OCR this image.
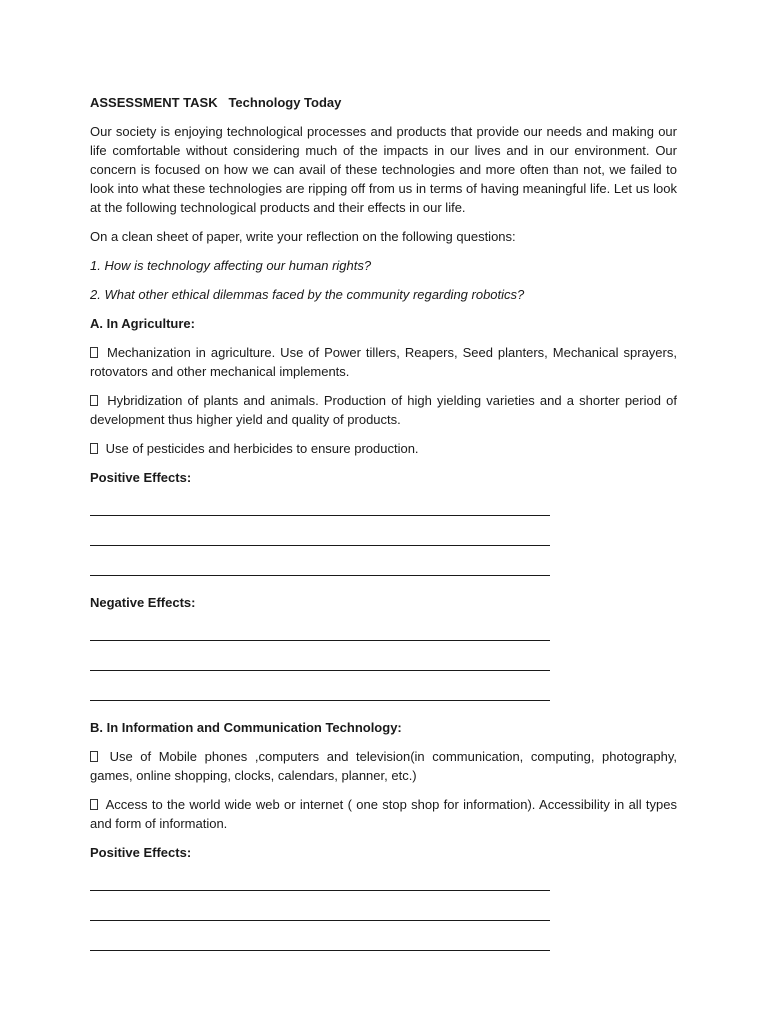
ASSESSMENT TASK Technology Today

Our society is enjoying technological processes and products that provide our needs and making our life comfortable without considering much of the impacts in our lives and in our environment. Our concern is focused on how we can avail of these technologies and more often than not, we failed to look into what these technologies are ripping off from us in terms of having meaningful life. Let us look at the following technological products and their effects in our life.

On a clean sheet of paper, write your reflection on the following questions:

1. How is technology affecting our human rights?

2. What other ethical dilemmas faced by the community regarding robotics?

A. In Agriculture:

Mechanization in agriculture. Use of Power tillers, Reapers, Seed planters, Mechanical sprayers, rotovators and other mechanical implements.

Hybridization of plants and animals. Production of high yielding varieties and a shorter period of development thus higher yield and quality of products.

Use of pesticides and herbicides to ensure production.

Positive Effects:

Negative Effects:

B. In Information and Communication Technology:

Use of Mobile phones ,computers and television(in communication, computing, photography, games, online shopping, clocks, calendars, planner, etc.)

Access to the world wide web or internet ( one stop shop for information). Accessibility in all types and form of information.

Positive Effects:
